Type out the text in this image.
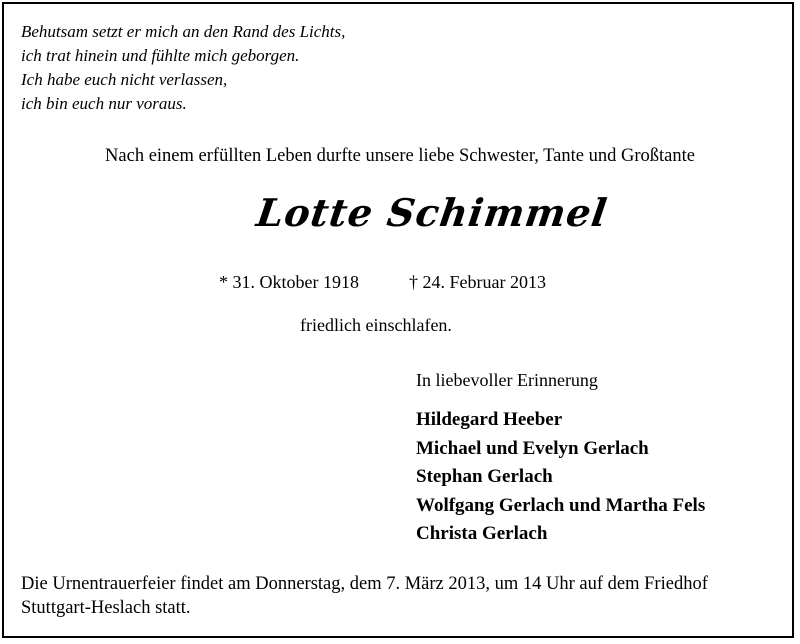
Behutsam setzt er mich an den Rand des Lichts,
ich trat hinein und fühlte mich geborgen.
Ich habe euch nicht verlassen,
ich bin euch nur voraus.
Nach einem erfüllten Leben durfte unsere liebe Schwester, Tante und Großtante
Lotte Schimmel
* 31. Oktober 1918	† 24. Februar 2013
friedlich einschlafen.
In liebevoller Erinnerung
Hildegard Heeber
Michael und Evelyn Gerlach
Stephan Gerlach
Wolfgang Gerlach und Martha Fels
Christa Gerlach
Die Urnentrauerfeier findet am Donnerstag, dem 7. März 2013, um 14 Uhr auf dem Friedhof
Stuttgart-Heslach statt.
